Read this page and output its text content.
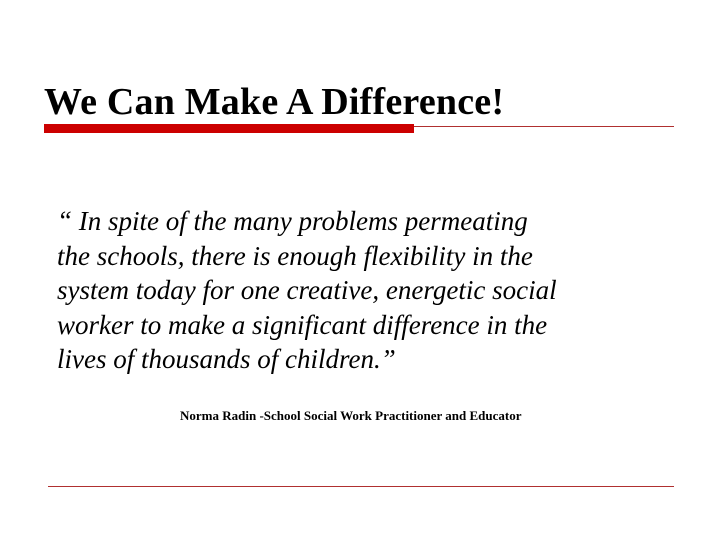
We Can Make A Difference!

“ In spite of the many problems permeating
the schools, there is enough flexibility in the
system today for one creative, energetic social
worker to make a significant difference in the
lives of thousands of children.”

Norma Radin -School Social Work Practitioner and Educator
